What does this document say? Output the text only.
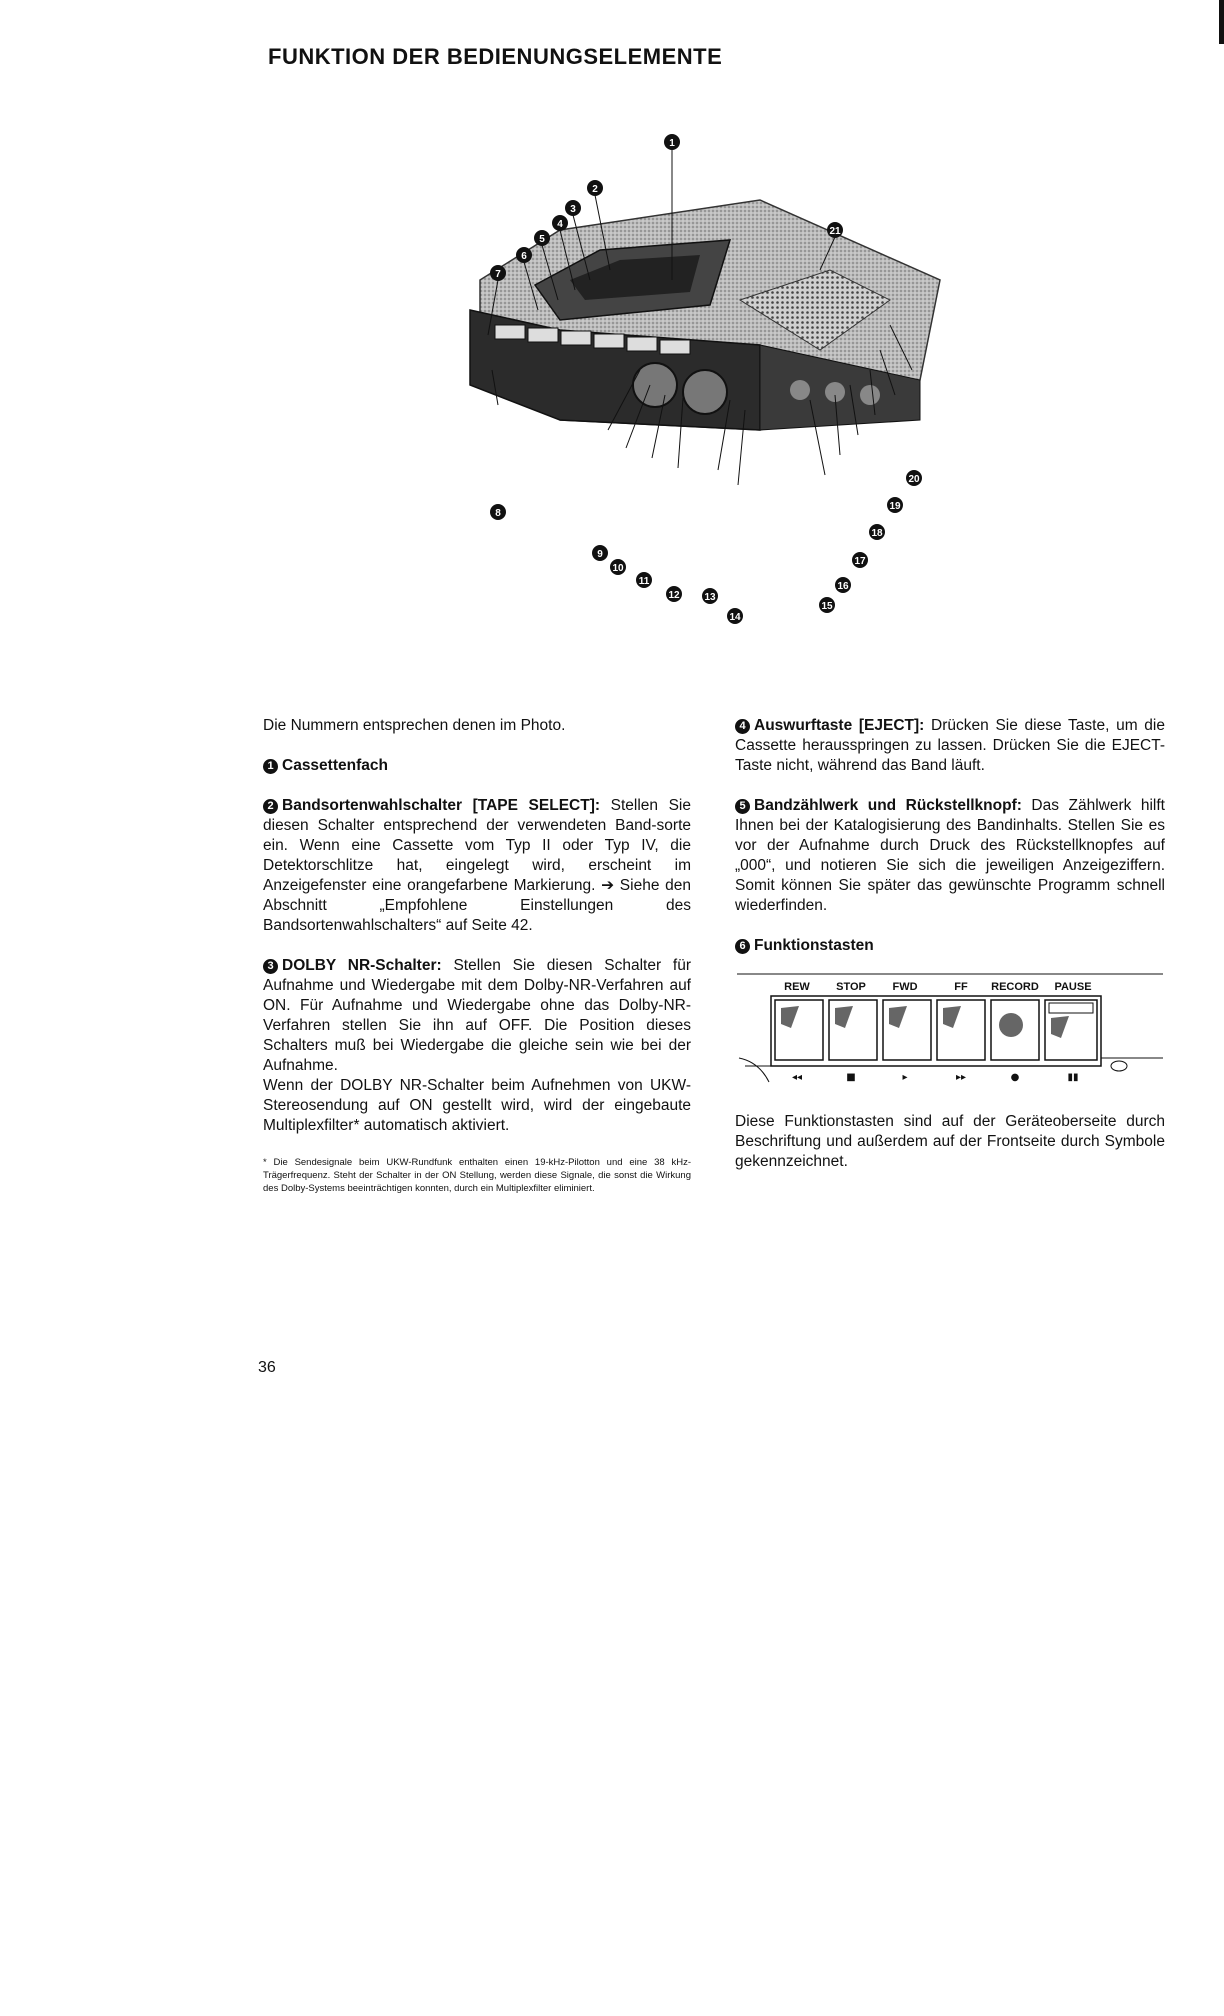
FUNKTION DER BEDIENUNGSELEMENTE
1
2
3
4
5
6
7
8
9
10
11
12 13
14
15
16
17
18
19
20
21

Die Nummern entsprechen denen im Photo.

1 Cassettenfach

2 Bandsortenwahlschalter [TAPE SELECT]: Stellen Sie diesen Schalter entsprechend der verwendeten Band-sorte ein. Wenn eine Cassette vom Typ II oder Typ IV, die Detektorschlitze hat, eingelegt wird, erscheint im Anzeigefenster eine orangefarbene Markierung. ➔ Siehe den Abschnitt „Empfohlene Einstellungen des Bandsortenwahlschalters“ auf Seite 42.

3 DOLBY NR-Schalter: Stellen Sie diesen Schalter für Aufnahme und Wiedergabe mit dem Dolby-NR-Verfahren auf ON. Für Aufnahme und Wiedergabe ohne das Dolby-NR-Verfahren stellen Sie ihn auf OFF. Die Position dieses Schalters muß bei Wiedergabe die gleiche sein wie bei der Aufnahme.

Wenn der DOLBY NR-Schalter beim Aufnehmen von UKW-Stereosendung auf ON gestellt wird, wird der eingebaute Multiplexfilter* automatisch aktiviert.

* Die Sendesignale beim UKW-Rundfunk enthalten einen 19-kHz-Pilotton und eine 38 kHz-Trägerfrequenz. Steht der Schalter in der ON Stellung, werden diese Signale, die sonst die Wirkung des Dolby-Systems beeinträchtigen konnten, durch ein Multiplexfilter eliminiert.

4 Auswurftaste [EJECT]: Drücken Sie diese Taste, um die Cassette herausspringen zu lassen. Drücken Sie die EJECT-Taste nicht, während das Band läuft.

5 Bandzählwerk und Rückstellknopf: Das Zählwerk hilft Ihnen bei der Katalogisierung des Bandinhalts. Stellen Sie es vor der Aufnahme durch Druck des Rückstellknopfes auf „000“, und notieren Sie sich die jeweiligen Anzeigeziffern. Somit können Sie später das gewünschte Programm schnell wiederfinden.

6 Funktionstasten

REW STOP FWD	FF RECORD PAUSE
◂◂	■	▸	▸▸	●	▮▮

Diese Funktionstasten sind auf der Geräteoberseite durch Beschriftung und außerdem auf der Frontseite durch Symbole gekennzeichnet.

36
